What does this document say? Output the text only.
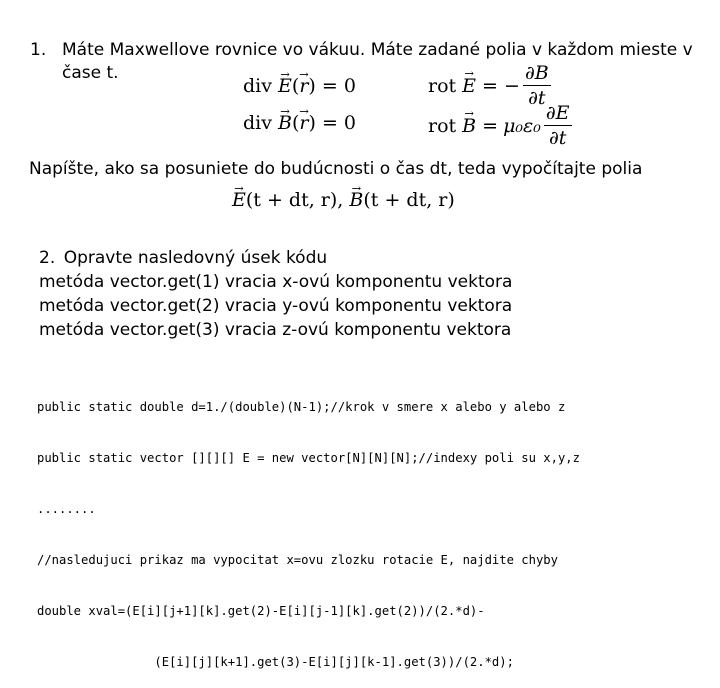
1. Máte Maxwellove rovnice vo vákuu. Máte zadané polia v každom mieste v
čase t.
div → E(→ r) = 0
div → B(→ r) = 0
rot → E = − $\frac{\partial B}{\partial t}$
rot → $B = \mu_0\varepsilon_0 \frac{\partial E}{\partial t}$
Napíšte, ako sa posuniete do budúcnosti o čas dt, teda vypočítajte polia
→ E(t + dt, r), → B(t + dt, r)
2. Opravte nasledovný úsek kódu
metóda vector.get(1) vracia x-ovú komponentu vektora
metóda vector.get(2) vracia y-ovú komponentu vektora
metóda vector.get(3) vracia z-ovú komponentu vektora

public static double d=1./(double)(N-1);//krok v smere x alebo y alebo z

public static vector [][][] E = new vector[N][N][N];//indexy poli su x,y,z

........

//nasledujuci prikaz ma vypocitat x=ovu zlozku rotacie E, najdite chyby

double xval=(E[i][j+1][k].get(2)-E[i][j-1][k].get(2))/(2.*d)-

(E[i][j][k+1].get(3)-E[i][j][k-1].get(3))/(2.*d);
